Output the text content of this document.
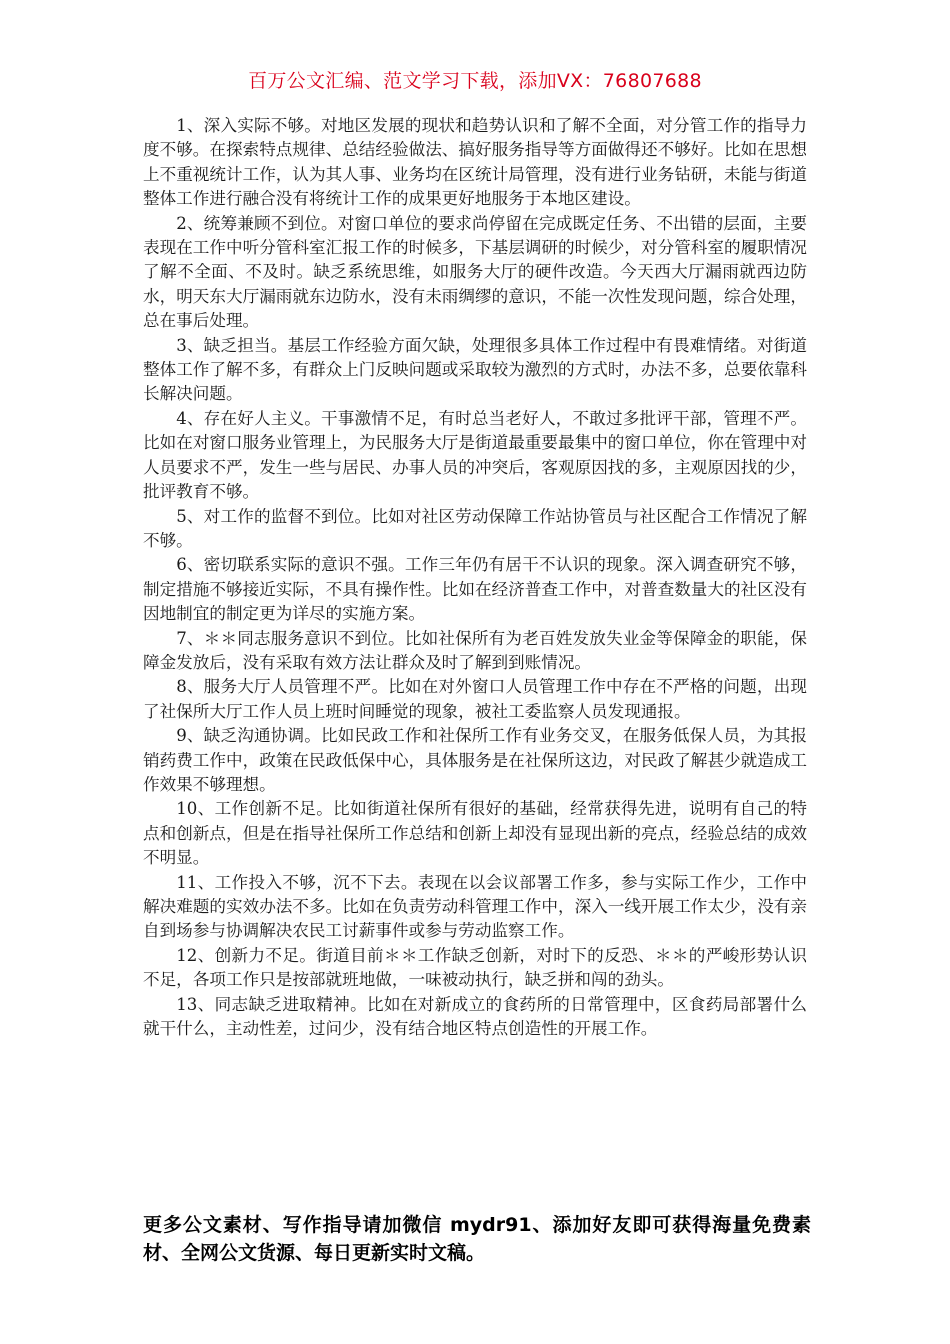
百万公文汇编、范文学习下载，添加VX：76807688

1、深入实际不够。对地区发展的现状和趋势认识和了解不全面，对分管工作的指导力度不够。在探索特点规律、总结经验做法、搞好服务指导等方面做得还不够好。比如在思想上不重视统计工作，认为其人事、业务均在区统计局管理，没有进行业务钻研，未能与街道整体工作进行融合没有将统计工作的成果更好地服务于本地区建设。

2、统筹兼顾不到位。对窗口单位的要求尚停留在完成既定任务、不出错的层面，主要表现在工作中听分管科室汇报工作的时候多，下基层调研的时候少，对分管科室的履职情况了解不全面、不及时。缺乏系统思维，如服务大厅的硬件改造。今天西大厅漏雨就西边防水，明天东大厅漏雨就东边防水，没有未雨绸缪的意识，不能一次性发现问题，综合处理，总在事后处理。

3、缺乏担当。基层工作经验方面欠缺，处理很多具体工作过程中有畏难情绪。对街道整体工作了解不多，有群众上门反映问题或采取较为激烈的方式时，办法不多，总要依靠科长解决问题。

4、存在好人主义。干事激情不足，有时总当老好人，不敢过多批评干部，管理不严。比如在对窗口服务业管理上，为民服务大厅是街道最重要最集中的窗口单位，你在管理中对人员要求不严，发生一些与居民、办事人员的冲突后，客观原因找的多，主观原因找的少，批评教育不够。

5、对工作的监督不到位。比如对社区劳动保障工作站协管员与社区配合工作情况了解不够。

6、密切联系实际的意识不强。工作三年仍有居干不认识的现象。深入调查研究不够，制定措施不够接近实际，不具有操作性。比如在经济普查工作中，对普查数量大的社区没有因地制宜的制定更为详尽的实施方案。

7、＊＊同志服务意识不到位。比如社保所有为老百姓发放失业金等保障金的职能，保障金发放后，没有采取有效方法让群众及时了解到到账情况。

8、服务大厅人员管理不严。比如在对外窗口人员管理工作中存在不严格的问题，出现了社保所大厅工作人员上班时间睡觉的现象，被社工委监察人员发现通报。

9、缺乏沟通协调。比如民政工作和社保所工作有业务交叉，在服务低保人员，为其报销药费工作中，政策在民政低保中心，具体服务是在社保所这边，对民政了解甚少就造成工作效果不够理想。

10、工作创新不足。比如街道社保所有很好的基础，经常获得先进，说明有自己的特点和创新点，但是在指导社保所工作总结和创新上却没有显现出新的亮点，经验总结的成效不明显。

11、工作投入不够，沉不下去。表现在以会议部署工作多，参与实际工作少，工作中解决难题的实效办法不多。比如在负责劳动科管理工作中，深入一线开展工作太少，没有亲自到场参与协调解决农民工讨薪事件或参与劳动监察工作。

12、创新力不足。街道目前＊＊工作缺乏创新，对时下的反恐、＊＊的严峻形势认识不足，各项工作只是按部就班地做，一味被动执行，缺乏拼和闯的劲头。

13、同志缺乏进取精神。比如在对新成立的食药所的日常管理中，区食药局部署什么就干什么，主动性差，过问少，没有结合地区特点创造性的开展工作。

更多公文素材、写作指导请加微信 mydr91、添加好友即可获得海量免费素材、全网公文货源、每日更新实时文稿。
